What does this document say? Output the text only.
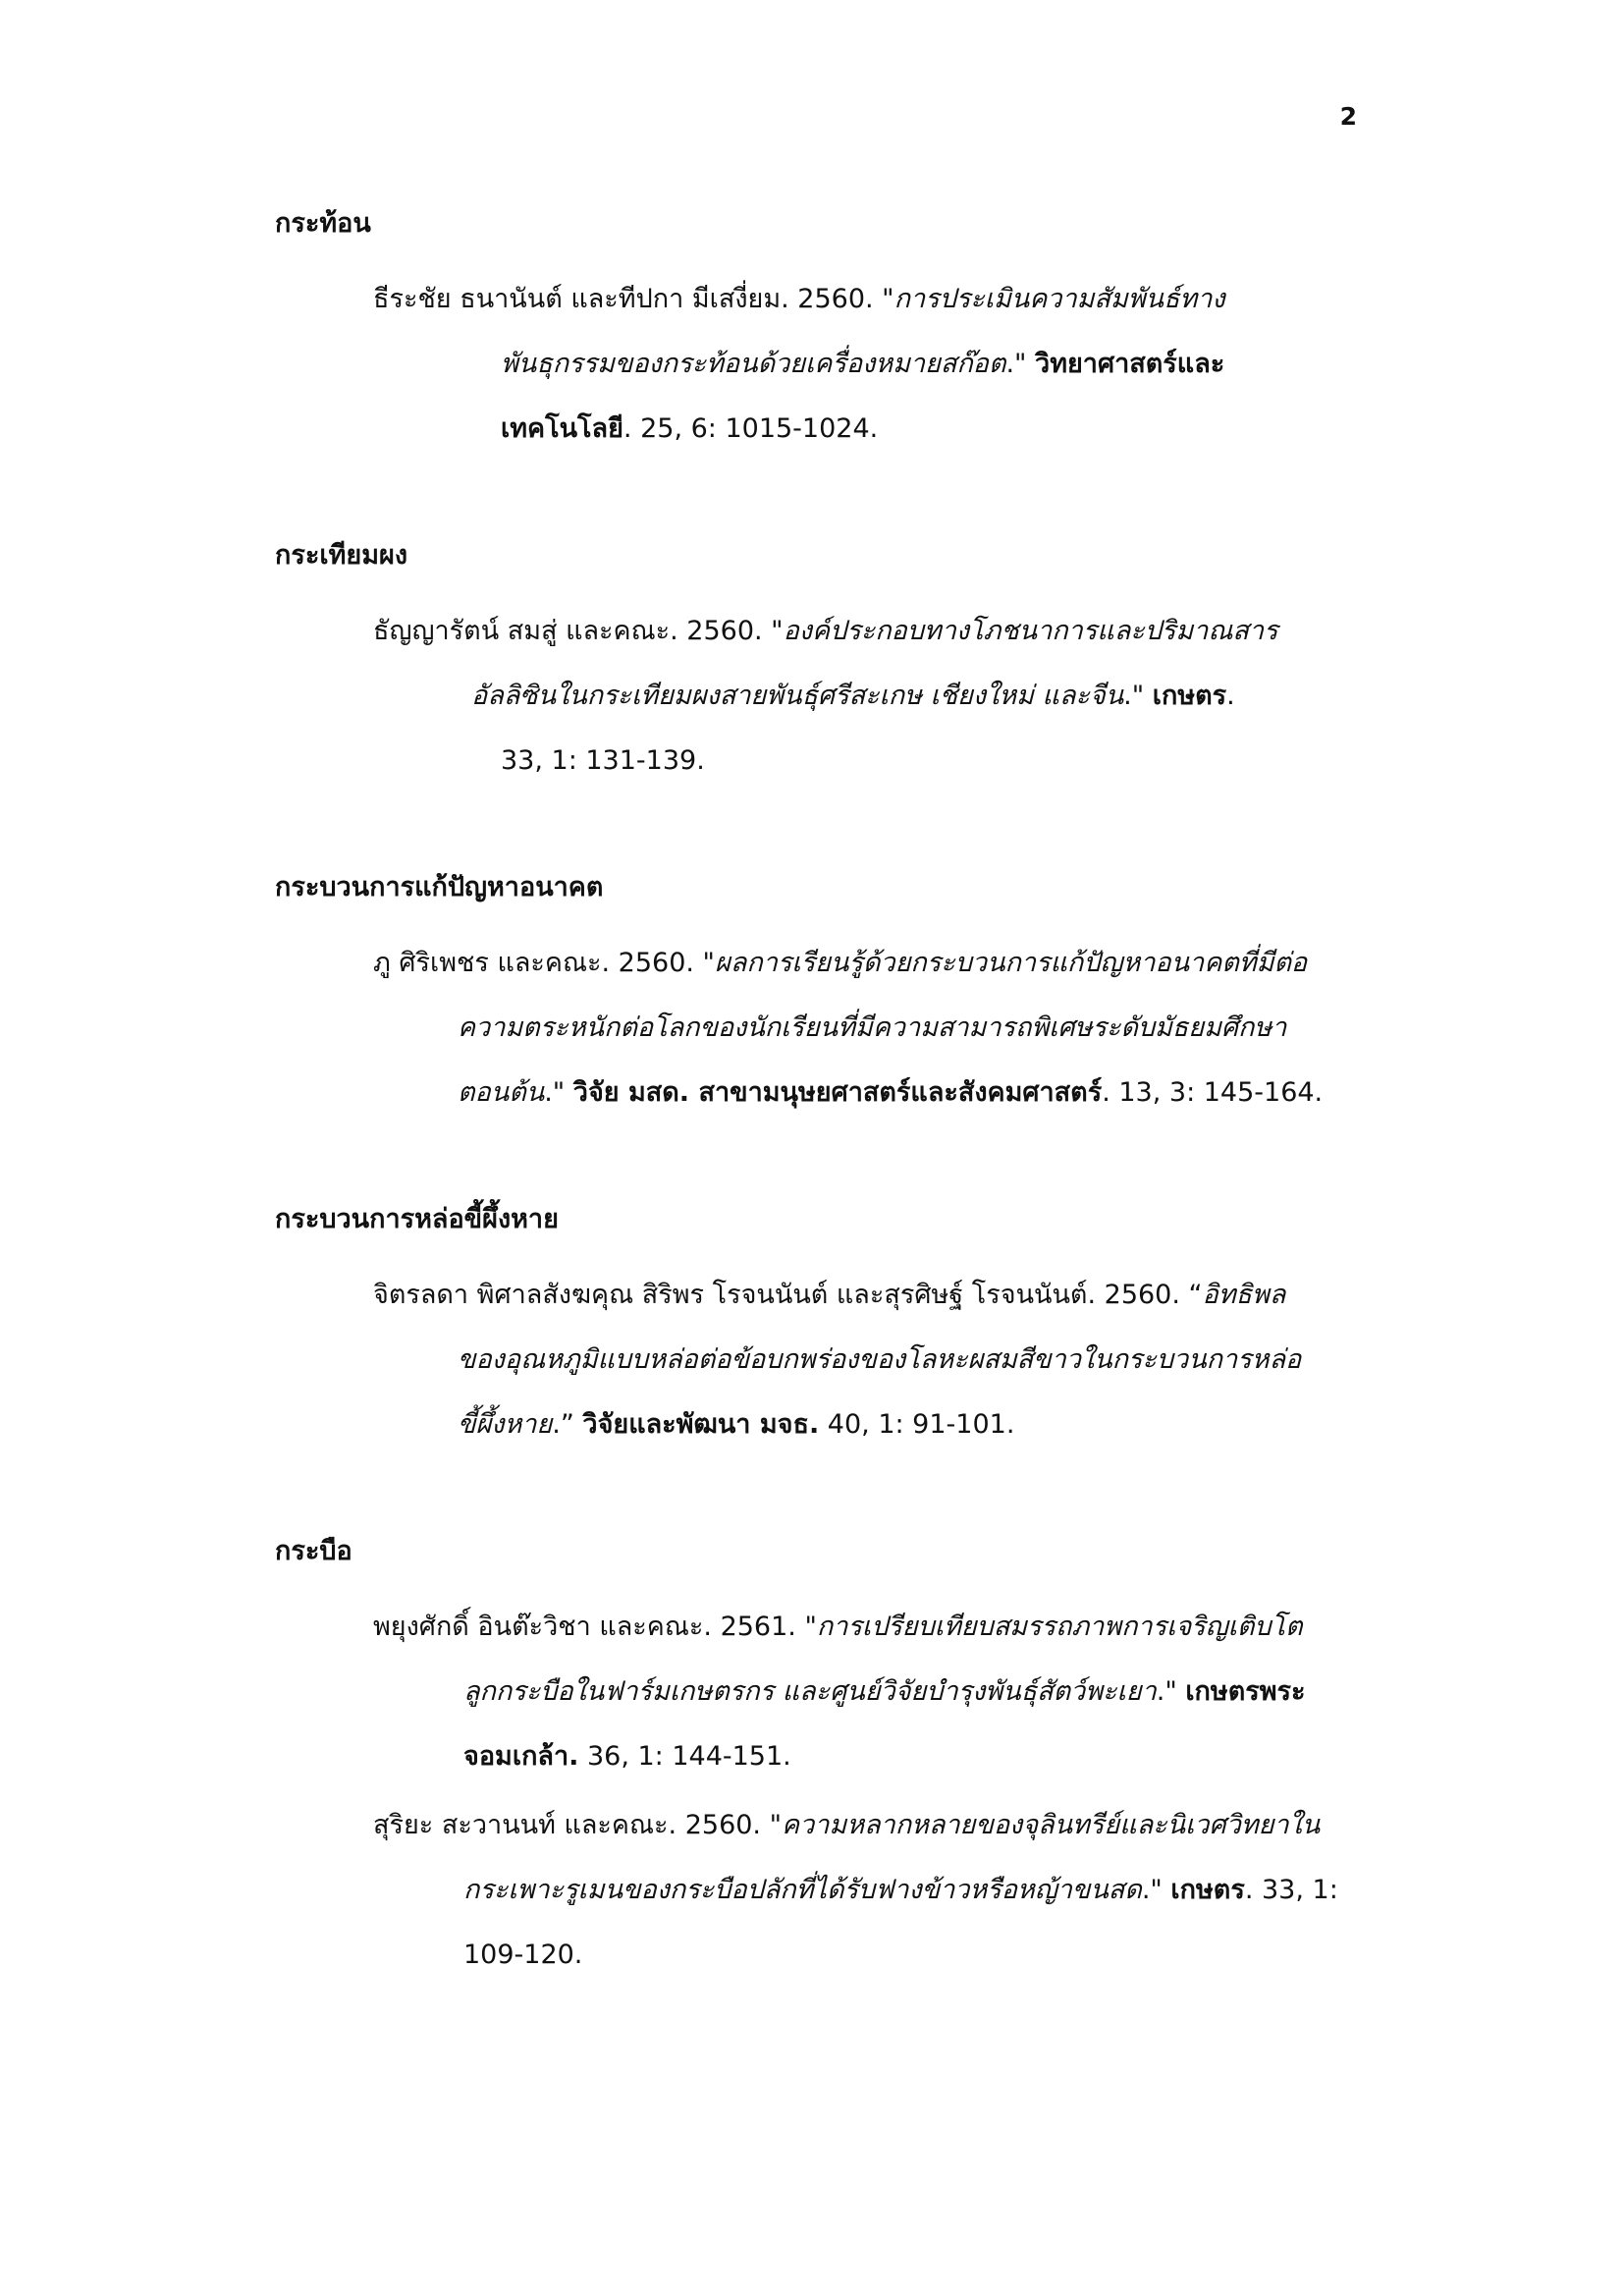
2
กระท้อน
ธีระชัย ธนานันต์ และทีปกา มีเสงี่ยม. 2560. "การประเมินความสัมพันธ์ทาง
พันธุกรรมของกระท้อนด้วยเครื่องหมายสก๊อต." วิทยาศาสตร์และ
เทคโนโลยี. 25, 6: 1015-1024.
กระเทียมผง
ธัญญารัตน์ สมสู่ และคณะ. 2560. "องค์ประกอบทางโภชนาการและปริมาณสาร
อัลลิซินในกระเทียมผงสายพันธุ์ศรีสะเกษ เชียงใหม่ และจีน." เกษตร.
33, 1: 131-139.
กระบวนการแก้ปัญหาอนาคต
ภู ศิริเพชร และคณะ. 2560. "ผลการเรียนรู้ด้วยกระบวนการแก้ปัญหาอนาคตที่มีต่อ
ความตระหนักต่อโลกของนักเรียนที่มีความสามารถพิเศษระดับมัธยมศึกษา
ตอนต้น." วิจัย มสด. สาขามนุษยศาสตร์และสังคมศาสตร์. 13, 3: 145-164.
กระบวนการหล่อขี้ผึ้งหาย
จิตรลดา พิศาลสังฆคุณ สิริพร โรจนนันต์ และสุรศิษฐ์ โรจนนันต์. 2560. “อิทธิพล
ของอุณหภูมิแบบหล่อต่อข้อบกพร่องของโลหะผสมสีขาวในกระบวนการหล่อ
ขี้ผึ้งหาย.” วิจัยและพัฒนา มจธ. 40, 1: 91-101.
กระบือ
พยุงศักดิ์ อินต๊ะวิชา และคณะ. 2561. "การเปรียบเทียบสมรรถภาพการเจริญเติบโต
ลูกกระบือในฟาร์มเกษตรกร และศูนย์วิจัยบำรุงพันธุ์สัตว์พะเยา." เกษตรพระ
จอมเกล้า. 36, 1: 144-151.
สุริยะ สะวานนท์ และคณะ. 2560. "ความหลากหลายของจุลินทรีย์และนิเวศวิทยาใน
กระเพาะรูเมนของกระบือปลักที่ได้รับฟางข้าวหรือหญ้าขนสด." เกษตร. 33, 1:
109-120.
